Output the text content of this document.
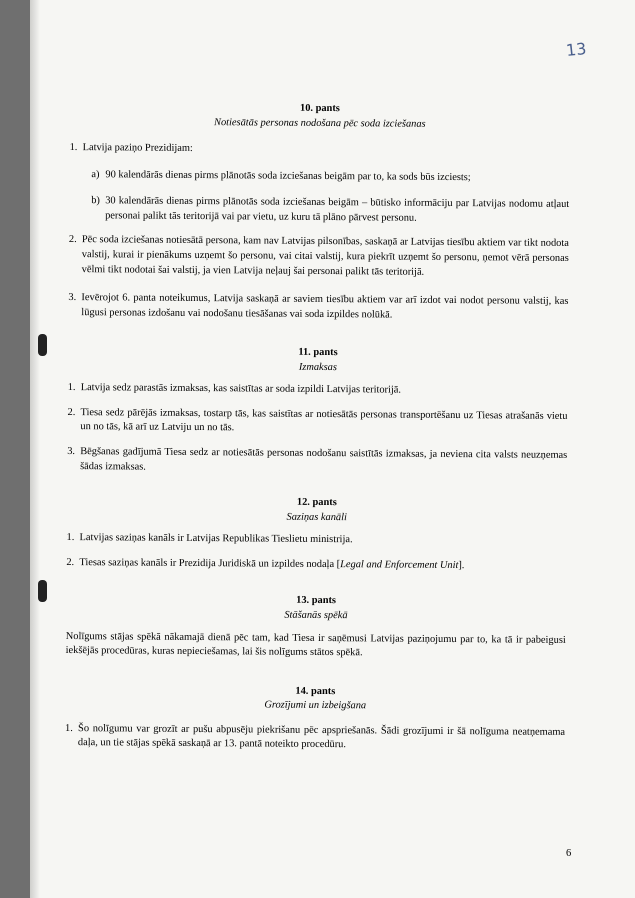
13
10. pants
Notiesātās personas nodošana pēc soda izciešanas
1. Latvija paziņo Prezidijam:
a) 90 kalendārās dienas pirms plānotās soda izciešanas beigām par to, ka sods būs izciests;
b) 30 kalendārās dienas pirms plānotās soda izciešanas beigām – būtisko informāciju par Latvijas nodomu atļaut personai palikt tās teritorijā vai par vietu, uz kuru tā plāno pārvest personu.
2. Pēc soda izciešanas notiesātā persona, kam nav Latvijas pilsonības, saskaņā ar Latvijas tiesību aktiem var tikt nodota valstij, kurai ir pienākums uzņemt šo personu, vai citai valstij, kura piekrīt uzņemt šo personu, ņemot vērā personas vēlmi tikt nodotai šai valstij, ja vien Latvija neļauj šai personai palikt tās teritorijā.
3. Ievērojot 6. panta noteikumus, Latvija saskaņā ar saviem tiesību aktiem var arī izdot vai nodot personu valstij, kas lūgusi personas izdošanu vai nodošanu tiesāšanas vai soda izpildes nolūkā.
11. pants
Izmaksas
1. Latvija sedz parastās izmaksas, kas saistītas ar soda izpildi Latvijas teritorijā.
2. Tiesa sedz pārējās izmaksas, tostarp tās, kas saistītas ar notiesātās personas transportēšanu uz Tiesas atrašanās vietu un no tās, kā arī uz Latviju un no tās.
3. Bēgšanas gadījumā Tiesa sedz ar notiesātās personas nodošanu saistītās izmaksas, ja neviena cita valsts neuzņemas šādas izmaksas.
12. pants
Saziņas kanāli
1. Latvijas saziņas kanāls ir Latvijas Republikas Tieslietu ministrija.
2. Tiesas saziņas kanāls ir Prezidija Juridiskā un izpildes nodaļa [Legal and Enforcement Unit].
13. pants
Stāšanās spēkā

Nolīgums stājas spēkā nākamajā dienā pēc tam, kad Tiesa ir saņēmusi Latvijas paziņojumu par to, ka tā ir pabeigusi iekšējās procedūras, kuras nepieciešamas, lai šis nolīgums stātos spēkā.

14. pants
Grozījumi un izbeigšana
1. Šo nolīgumu var grozīt ar pušu abpusēju piekrišanu pēc apspriešanās. Šādi grozījumi ir šā nolīguma neatņemama daļa, un tie stājas spēkā saskaņā ar 13. pantā noteikto procedūru.
6
